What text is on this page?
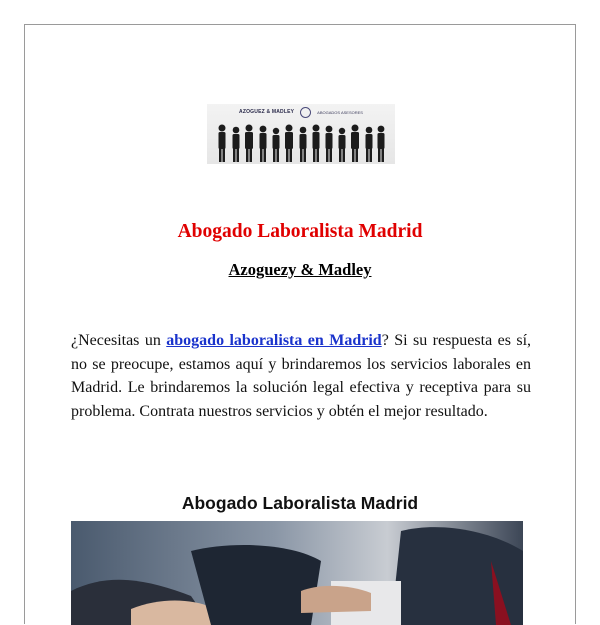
AZOGUEZ & MADLEY	ABOGADOS ASESORES
Abogado Laboralista Madrid
Azoguezy & Madley
¿Necesitas un abogado laboralista en Madrid? Si su respuesta es sí, no se preocupe, estamos aquí y brindaremos los servicios laborales en Madrid. Le brindaremos la solución legal efectiva y receptiva para su problema. Contrata nuestros servicios y obtén el mejor resultado.
Abogado Laboralista Madrid
